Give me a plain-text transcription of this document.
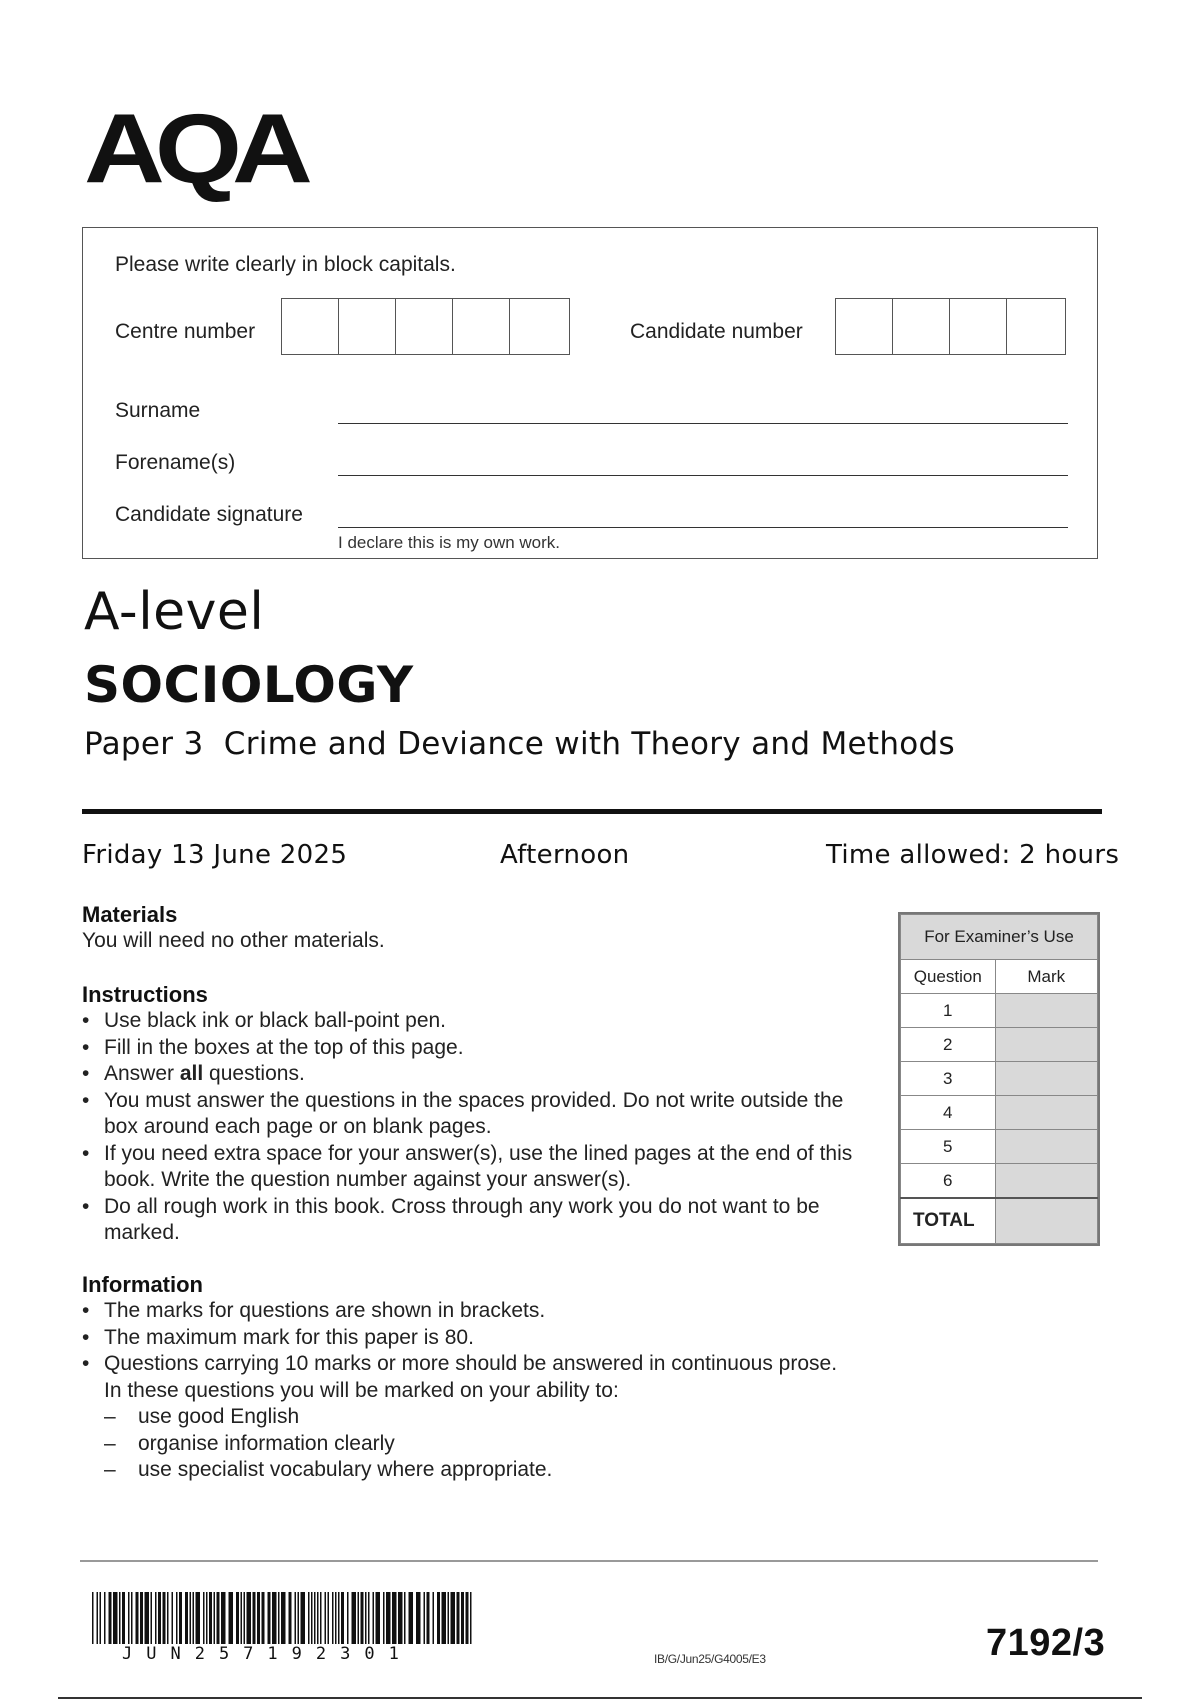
AQA
Please write clearly in block capitals.
Centre number	Candidate number
Surname
Forename(s)
Candidate signature
I declare this is my own work.
A-level
SOCIOLOGY
Paper 3  Crime and Deviance with Theory and Methods
Friday 13 June 2025	Afternoon	Time allowed: 2 hours
Materials
You will need no other materials.
Instructions
• Use black ink or black ball-point pen.
• Fill in the boxes at the top of this page.
• Answer all questions.
• You must answer the questions in the spaces provided. Do not write outside the box around each page or on blank pages.
• If you need extra space for your answer(s), use the lined pages at the end of this book. Write the question number against your answer(s).
• Do all rough work in this book. Cross through any work you do not want to be marked.
For Examiner’s Use	
Question	Mark
1	
2	
3	
4	
5	
6	
TOTAL	
Information
• The marks for questions are shown in brackets.
• The maximum mark for this paper is 80.
• Questions carrying 10 marks or more should be answered in continuous prose.
In these questions you will be marked on your ability to:
– use good English
– organise information clearly
– use specialist vocabulary where appropriate.
JUN257192301	IB/G/Jun25/G4005/E3	7192/3
